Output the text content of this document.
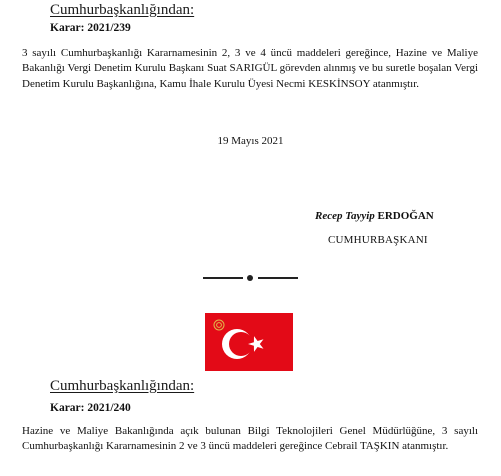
Cumhurbaşkanlığından:
Karar: 2021/239

3 sayılı Cumhurbaşkanlığı Kararnamesinin 2, 3 ve 4 üncü maddeleri gereğince, Hazine ve Maliye Bakanlığı Vergi Denetim Kurulu Başkanı Suat SARIGÜL görevden alınmış ve bu suretle boşalan Vergi Denetim Kurulu Başkanlığına, Kamu İhale Kurulu Üyesi Necmi KESKİNSOY atanmıştır.

19 Mayıs 2021
Recep Tayyip ERDOĞAN
CUMHURBAŞKANI
Cumhurbaşkanlığından:
Karar: 2021/240

Hazine ve Maliye Bakanlığında açık bulunan Bilgi Teknolojileri Genel Müdürlüğüne, 3 sayılı Cumhurbaşkanlığı Kararnamesinin 2 ve 3 üncü maddeleri gereğince Cebrail TAŞKIN atanmıştır.
